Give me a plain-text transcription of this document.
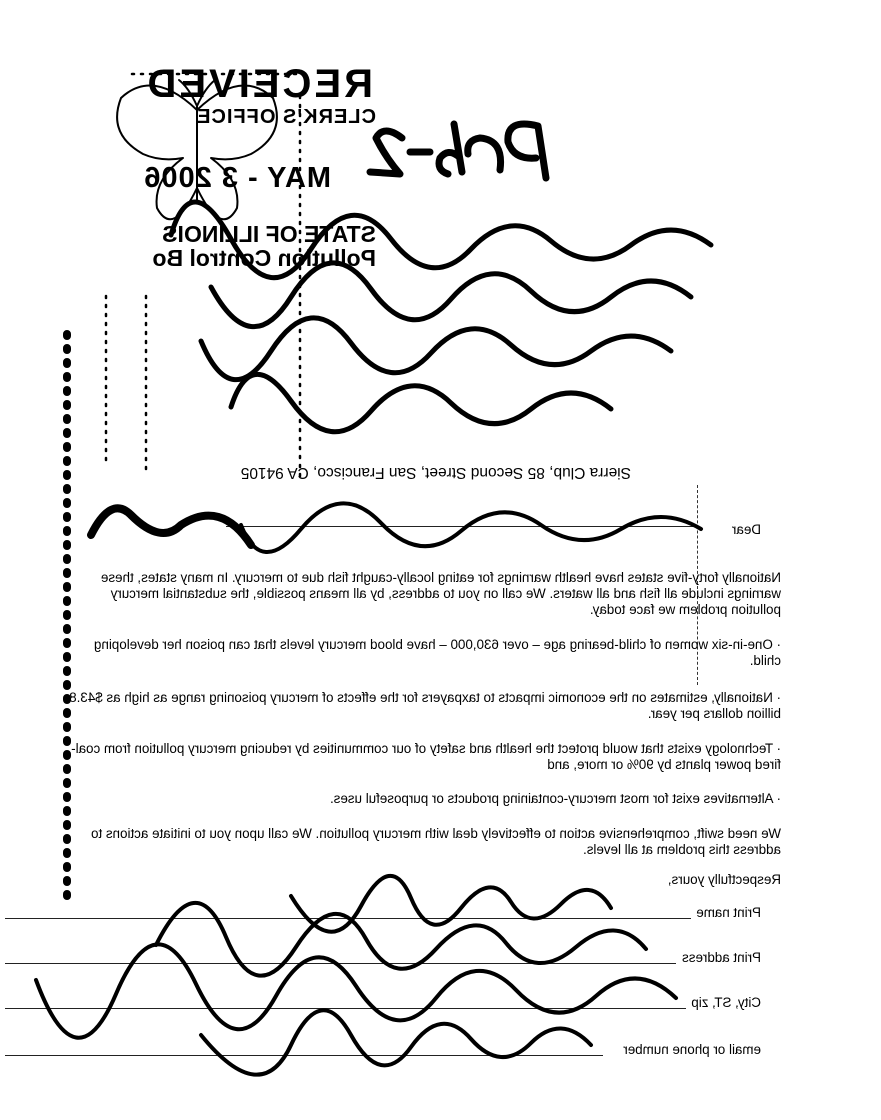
RECEIVED
CLERK'S OFFICE
MAY - 3 2006
STATE OF ILLINOIS
Pollution Control Bo
Sierra Club, 85 Second Street, San Francisco, CA 94105
Dear
Nationally forty-five states have health warnings for eating locally-caught fish due to mercury. In many states, these warnings include all fish and all waters. We call on you to address, by all means possible, the substantial mercury pollution problem we face today.
· One-in-six women of child-bearing age – over 630,000 – have blood mercury levels that can poison her developing child.
· Nationally, estimates on the economic impacts to taxpayers for the effects of mercury poisoning range as high as $43.8 billion dollars per year.
· Technology exists that would protect the health and safety of our communities by reducing mercury pollution from coal-fired power plants by 90% or more, and
· Alternatives exist for most mercury-containing products or purposeful uses.
We need swift, comprehensive action to effectively deal with mercury pollution. We call upon you to initiate actions to address this problem at all levels.
Respectfully yours,
Print name
Print address
City, ST, zip
email or phone number
